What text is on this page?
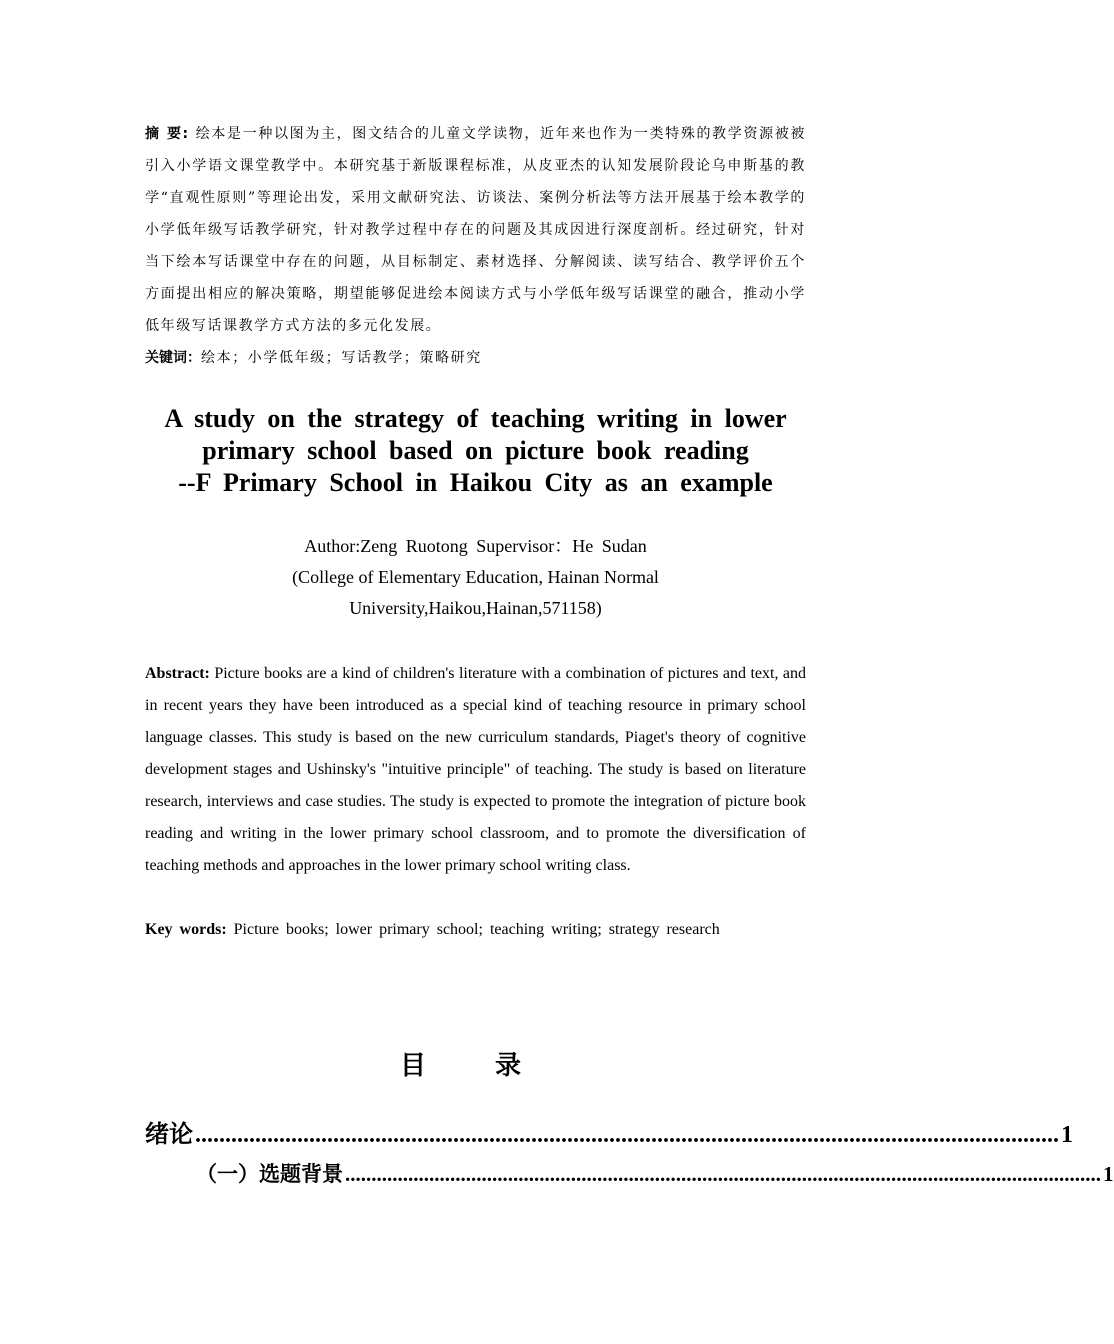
摘 要: 绘本是一种以图为主，图文结合的儿童文学读物，近年来也作为一类特殊的教学资源被被引入小学语文课堂教学中。本研究基于新版课程标准，从皮亚杰的认知发展阶段论乌申斯基的教学“直观性原则”等理论出发，采用文献研究法、访谈法、案例分析法等方法开展基于绘本教学的小学低年级写话教学研究，针对教学过程中存在的问题及其成因进行深度剖析。经过研究，针对当下绘本写话课堂中存在的问题，从目标制定、素材选择、分解阅读、读写结合、教学评价五个方面提出相应的解决策略，期望能够促进绘本阅读方式与小学低年级写话课堂的融合，推动小学低年级写话课教学方式方法的多元化发展。

关键词：绘本；小学低年级；写话教学；策略研究

A study on the strategy of teaching writing in lower
primary school based on picture book reading
--F Primary School in Haikou City as an example
Author:Zeng Ruotong Supervisor：He Sudan
(College of Elementary Education, Hainan Normal
University,Haikou,Hainan,571158)

Abstract: Picture books are a kind of children's literature with a combination of pictures and text, and in recent years they have been introduced as a special kind of teaching resource in primary school language classes. This study is based on the new curriculum standards, Piaget's theory of cognitive development stages and Ushinsky's "intuitive principle" of teaching. The study is based on literature research, interviews and case studies. The study is expected to promote the integration of picture book reading and writing in the lower primary school classroom, and to promote the diversification of teaching methods and approaches in the lower primary school writing class.

Key words: Picture books; lower primary school; teaching writing; strategy research

目 录
绪论 ................................................................................................................................................ 1
（一）选题背景 ................................................................................................................................................ 1
